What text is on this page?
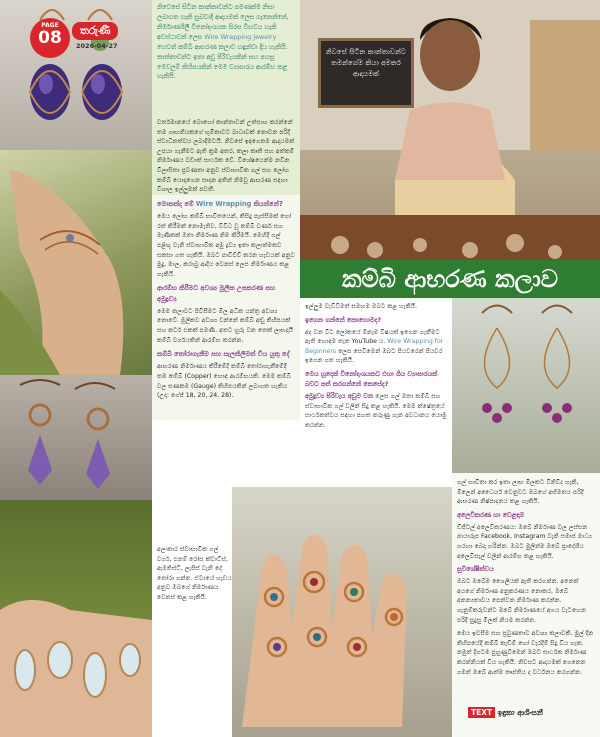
PAGE
08	තරුණී
2026-04-27
නිවසේ සිටින කාන්තාවන්ට තමන්ගේම කියා අමතර ආදායමක්
කම්බි ආභරණ කලාව

නිවෙසේ සිටින කාන්තාවන්ට පමණක්ම නිසා ලබාගත හැකි සුබවාදී ආදායමක් ලෙස ගැනෙන්නේ, නිර්මාණශීලී විනෝදාංශයක සිරස විභවය හැකි අවස්ථාවක් ලෙස Wire Wrapping Jewelry හෙවත් කම්බි ආභරණ කලාව හඳුන්වා දිය හැකියි. කාන්තාවන්ට ඉතා අඩු පිරිවැයකින් සහ පහසු මෙවලම් කිහිපයකින් මෙම ව්‍යාපාරය ආරම්භ කළ හැකියි.

වර්තමානයේ බොහෝ කාන්තාවන් උත්සාහ කරන්නේ තම ගෘහනියකගේ භූමිකාවට බාධාවක් නොවන පරිදි ස්වාධීනත්වය ලබාදීමටයි. නිවසේ ඉඳගෙනම ආදායමක් උපයා ගැනීමට ඇති ක්‍රම අතර, කලා කෘති සහ අත්කම් නිර්මාණය වඩාත් සාර්ථක වේ. විශේෂයෙන්ම නවීන විලාසිතා ප්‍රවණතා අනුව ස්වාභාවික ගල් සහ ලෝහ කම්බි යොදාගෙන සාදන අතින් නිමවූ ආභරණ සඳහා විශාල ඉල්ලුමක් පවතී.

මොකක්ද මේ Wire Wrapping කියන්නේ?

මෙය ලෝහ කම්බි භාවිතයෙන්, කිසිදු පෑස්සීමක් හෝ රත් කිරීමක් නොමැතිව, විවිධ වූ කම්බි වර්ණ සහ මැණිකක් ඔතා නිර්මාණ නිම කිරීමයි. මෙහිදී ගල් පළිඟු වැනි ස්වාභාවික අමු ද්‍රව්‍ය ඉතා කලාත්මකව සකසා ගත හැකියි. ඔබට පාවිච්චි කරන හැඩයක් අනුව මුදු, මාල, කරාබු ආදිය වෙනස් ලෙස නිර්මාණය කළ හැකියි.

ආරම්භ කිරීමට අවශ්‍ය මූලික උපකරණ සහ අමුද්‍රව්‍ය

මෙම කලාවට පිවිසීමට මිල අධික යන්ත්‍ර අවශ්‍ය නොවේ. මූලිකව අවශ්‍ය වන්නේ කම්බි අඬු කිහිපයක් සහ කටර් එකක් පමණි. අතට හුරු වන තෙක් ලාභදායී කම්බි වර්ගයකින් ආරම්භ කරන්න.

කම්බි තෝරාගැනීම සහ සැලකිලිමත් විය යුතු දේ

ආභරණ නිර්මාණය කිරීමේදී කම්බි තෝරාගැනීමේදී තඹ කම්බි (Copper) හොඳ ආරම්භයකි. මෙම කම්බි වල ඝණකම (Gauge) කිහිපයකින් ලබාගත හැකිය (උදා: ගේජ් 18, 20, 24, 28).

අලංකාර ස්වාභාවික ගල් වර්ග, එනම් රෝස ක්වාට්ස්, ඇමතිස්ට්, ලැපිස් වැනි දේ තෝරා ගන්න. ඒවායේ හැඩය අනුව ඔබගේ නිර්මාණය වෙනස් කළ හැකියි.

ඉල්ලුම වැඩිවීමත් සමඟම ඔබට කළ හැකියි.

ඉගෙන ගන්නේ කොහොමද?

අද වන විට ලෝකයේ ඕනෑම විෂයක් ඉගෙන ගැනීමට ඇති හොඳම තැන YouTube ය. Wire Wrapping for Beginners ලෙස සෙවීමෙන් ඔබට පියවරෙන් පියවර ඉගෙන ගත හැකියි.

මෙය හුදෙක් විනෝදාංශයකට එහා ගිය ව්‍යාපාරයක් බවට පත් කරගන්නේ කෙසේද?

අමුද්‍රව්‍ය පිරිවැය අඩුම වන ලෙස ගල් ඔතා කම්බි සහ ස්වාභාවික ගල් වලින් සිදු කළ හැකියි. මෙම ක්ෂේත්‍රයේ සාර්ථකත්වය සඳහා පහත කරුණු ගැන අවධානය යොමු කරන්න.

ගල් භාවිතා කර ඉතා ලාභ මිලකට විනිවිද හැකි, මිලෙන් අධෛර්ය වෙනුවට ඔබගේ අභිමතය පරිදි ආභරණ නිෂ්පාදනය කළ හැකියි.

අලෙවිකරණ හා වෙළඳාම

ඩිජිටල් අලෙවිකරණය: ඔබේ නිර්මාණ වල ලස්සන ඡායාරූප Facebook, Instagram වැනි සමාජ මාධ්‍ය හරහා බෙදා හරින්න. ඔබට මුලින්ම ඔබේ ප්‍රාදේශීය අලෙවිසැල් වලින් ආරම්භ කළ හැකියි.

සුවිශේෂීත්වය

ඔබට ඔබේම ශෛලියක් ඇති කරගන්න. අනෙක් අයගේ නිර්මාණ අනුකරණය නොකර, ඔබේ අනන්‍යතාවය පෙන්වන නිර්මාණ කරන්න. ගැනුම්කරුවන්ට ඔබේ නිර්මාණයේ අගය වැටහෙන පරිදි සුදුසු මිලක් නියම කරන්න.

මෙය ඉවසීම සහ ප්‍රවුණතාව අවශ්‍ය කලාවකි. මුල් දින කිහිපයේදී කම්බි කැඩීම් හෝ වැරදීම් සිදු විය හැක. නමුත් දිගටම පුහුණුවීමෙන් ඔබට සාර්ථක නිර්මාණ කරන්නියක් විය හැකියි. නිවසට ආදායමක් ගෙනෙන ගමන් ඔබේ ආත්ම තෘප්තිය ද වර්ධනය කරගන්න.

TEXT ඉඳුකා ආශිංසනී
